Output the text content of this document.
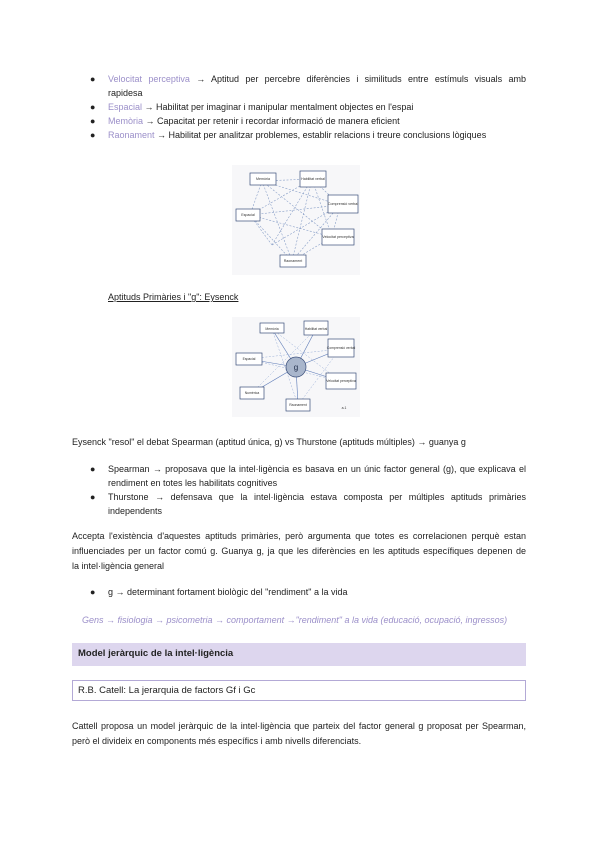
● Velocitat perceptiva → Aptitud per percebre diferències i similituds entre estímuls visuals amb
rapidesa
● Espacial → Habilitat per imaginar i manipular mentalment objectes en l'espai
● Memòria → Capacitat per retenir i recordar informació de manera eficient
● Raonament → Habilitat per analitzar problemes, establir relacions i treure conclusions lògiques
Memòria	Habilitat verbal
Comprensió verbal
Velocitat perceptiva
Espacial
Raonament
Aptituds Primàries i "g": Eysenck
g
Memòria	Habilitat verbal
Comprensió verbal
Velocitat perceptiva
Espacial
Raonament
Numèrica
a.1
Eysenck "resol" el debat Spearman (aptitud única, g) vs Thurstone (aptituds múltiples) → guanya g
● Spearman → proposava que la intel·ligència es basava en un únic factor general (g), que explicava el
rendiment en totes les habilitats cognitives
● Thurstone → defensava que la intel·ligència estava composta per múltiples aptituds primàries
independents
Accepta l'existència d'aquestes aptituds primàries, però argumenta que totes es correlacionen perquè estan
influenciades per un factor comú g. Guanya g, ja que les diferències en les aptituds específiques depenen de
la intel·ligència general
● g → determinant fortament biològic del "rendiment" a la vida
Gens → fisiologia → psicometria → comportament →"rendiment" a la vida (educació, ocupació, ingressos)
Model jeràrquic de la intel·ligència
R.B. Catell: La jerarquia de factors Gf i Gc
Cattell proposa un model jeràrquic de la intel·ligència que parteix del factor general g proposat per Spearman,
però el divideix en components més específics i amb nivells diferenciats.
